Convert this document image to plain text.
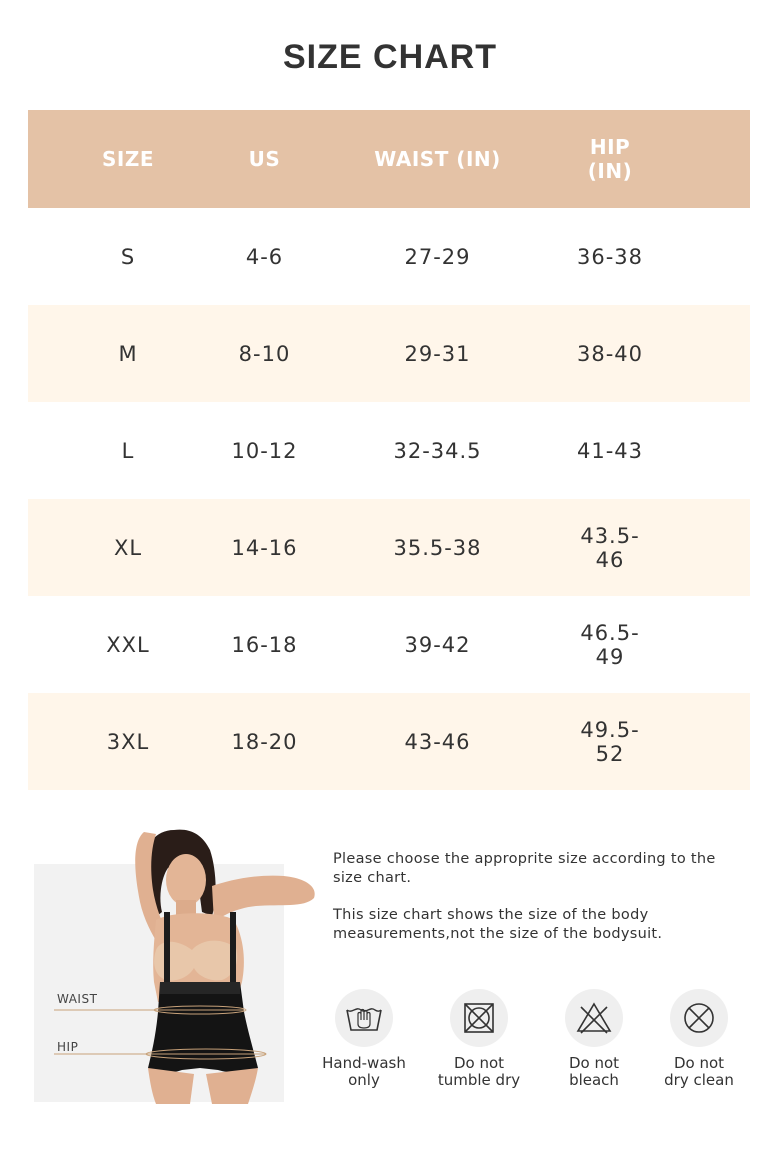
SIZE CHART
SIZE	US	WAIST (IN)	HIP (IN)
S	4-6	27-29	36-38
M	8-10	29-31	38-40
L	10-12	32-34.5	41-43
XL	14-16	35.5-38	43.5-46
XXL	16-18	39-42	46.5-49
3XL	18-20	43-46	49.5-52
WAIST
HIP
Please choose the approprite size according to the size chart.
This size chart shows the size of the body measurements,not the size of the bodysuit.
Hand-wash
only
Do not
tumble dry
Do not
bleach
Do not
dry clean
